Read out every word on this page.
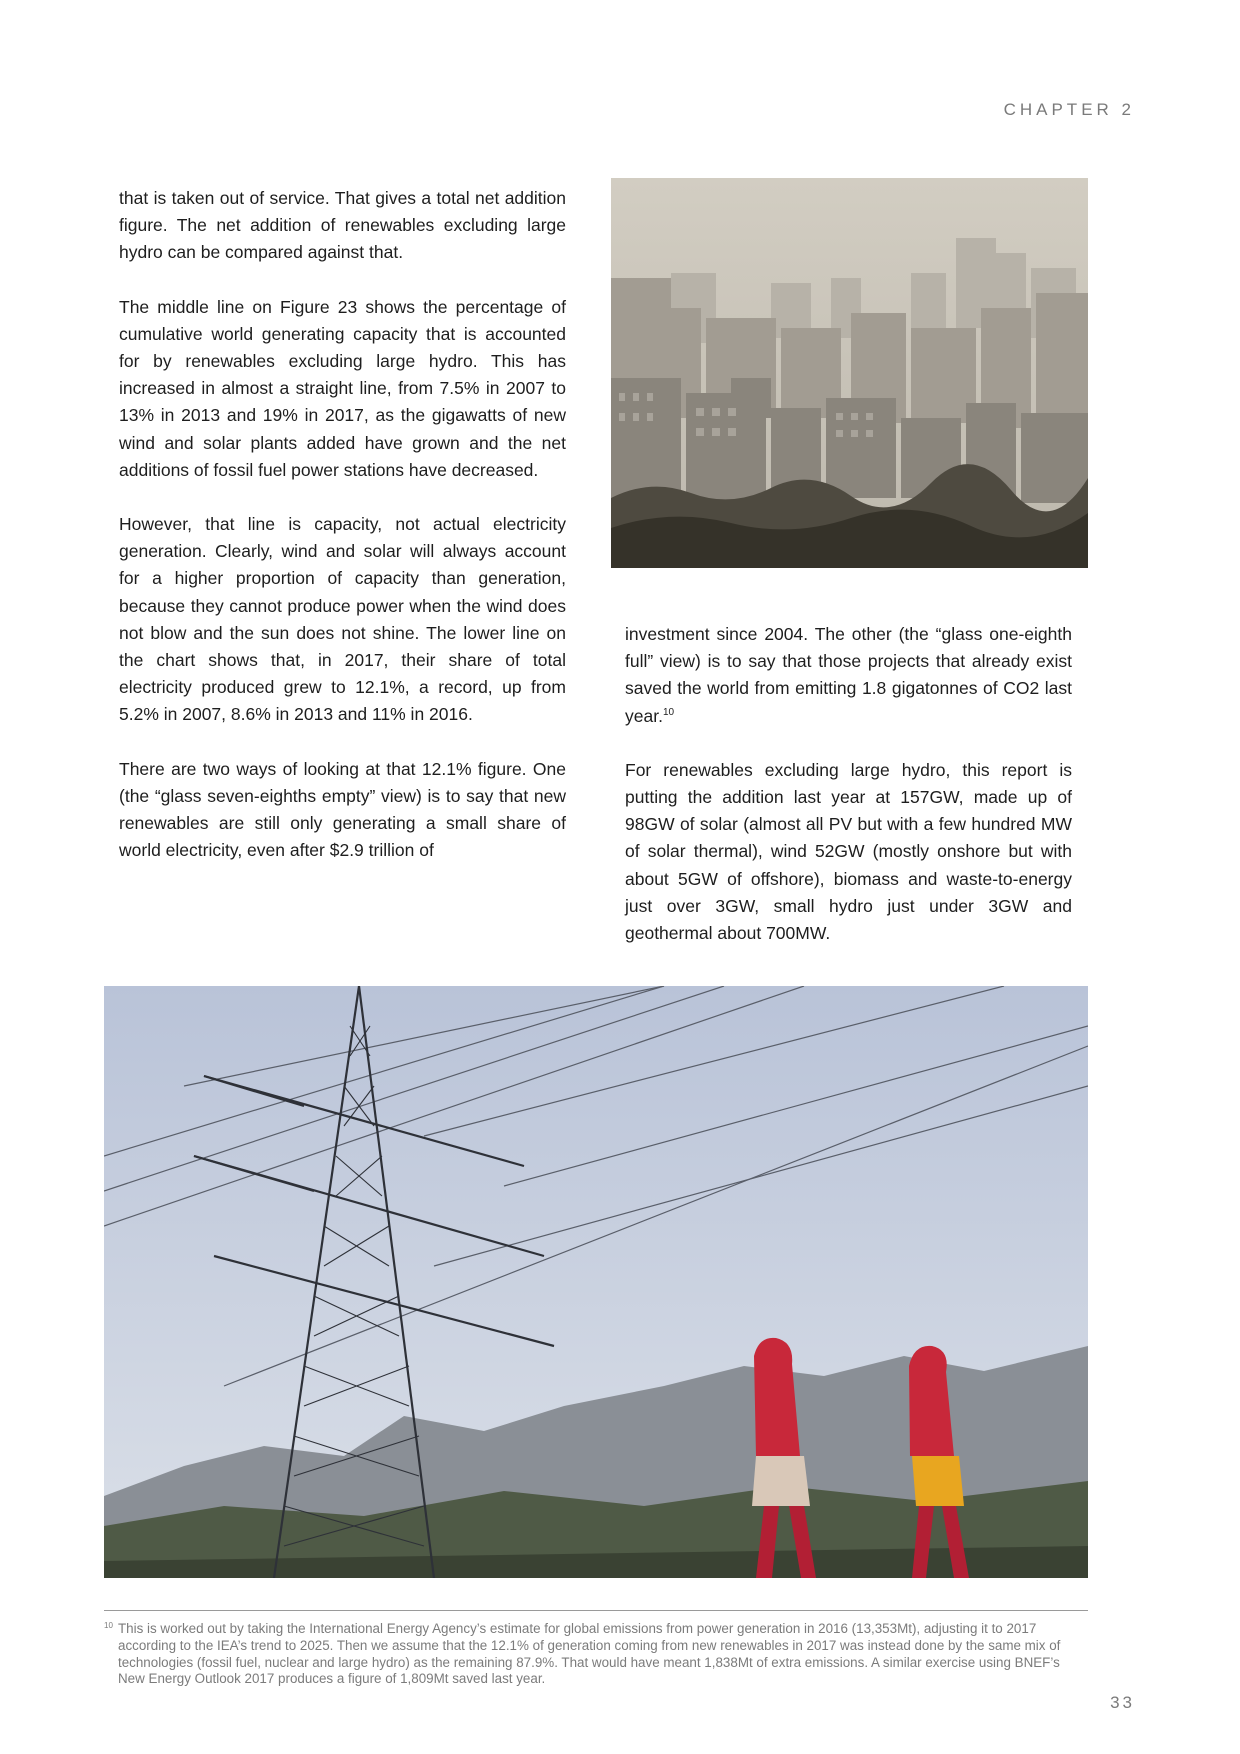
CHAPTER 2

that is taken out of service. That gives a total net addition figure. The net addition of renewables excluding large hydro can be compared against that.

The middle line on Figure 23 shows the percentage of cumulative world generating capacity that is accounted for by renewables excluding large hydro. This has increased in almost a straight line, from 7.5% in 2007 to 13% in 2013 and 19% in 2017, as the gigawatts of new wind and solar plants added have grown and the net additions of fossil fuel power stations have decreased.

However, that line is capacity, not actual electricity generation. Clearly, wind and solar will always account for a higher proportion of capacity than generation, because they cannot produce power when the wind does not blow and the sun does not shine. The lower line on the chart shows that, in 2017, their share of total electricity produced grew to 12.1%, a record, up from 5.2% in 2007, 8.6% in 2013 and 11% in 2016.

There are two ways of looking at that 12.1% figure. One (the “glass seven-eighths empty” view) is to say that new renewables are still only generating a small share of world electricity, even after $2.9 trillion of

investment since 2004. The other (the “glass one-eighth full” view) is to say that those projects that already exist saved the world from emitting 1.8 gigatonnes of CO2 last year.$^{10}$

For renewables excluding large hydro, this report is putting the addition last year at 157GW, made up of 98GW of solar (almost all PV but with a few hundred MW of solar thermal), wind 52GW (mostly onshore but with about 5GW of offshore), biomass and waste-to-energy just over 3GW, small hydro just under 3GW and geothermal about 700MW.

10 This is worked out by taking the International Energy Agency’s estimate for global emissions from power generation in 2016 (13,353Mt), adjusting it to 2017 according to the IEA’s trend to 2025. Then we assume that the 12.1% of generation coming from new renewables in 2017 was instead done by the same mix of technologies (fossil fuel, nuclear and large hydro) as the remaining 87.9%. That would have meant 1,838Mt of extra emissions. A similar exercise using BNEF’s New Energy Outlook 2017 produces a figure of 1,809Mt saved last year.
33
